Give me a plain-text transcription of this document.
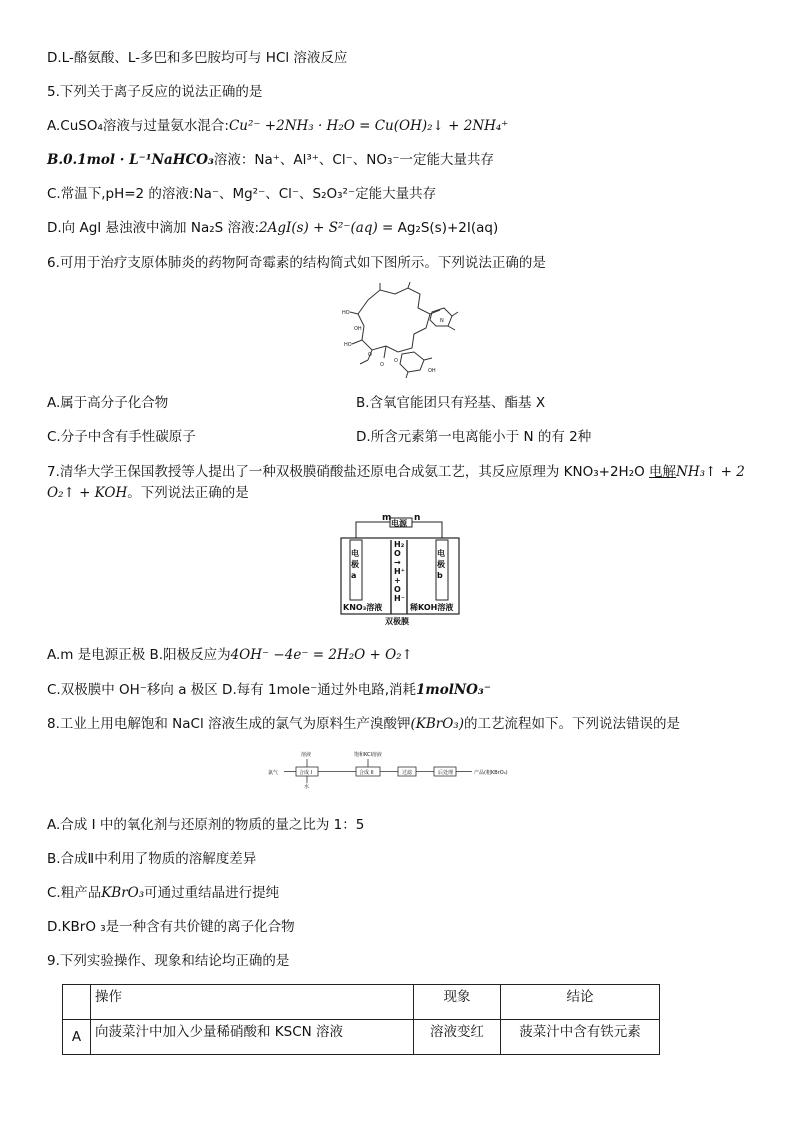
D.L-酪氨酸、L-多巴和多巴胺均可与 HCl 溶液反应
5.下列关于离子反应的说法正确的是
A.CuSO₄溶液与过量氨水混合:Cu²⁻ +2NH₃ · H₂O = Cu(OH)₂↓ + 2NH₄⁺
B.0.1mol · L⁻¹NaHCO₃溶液：Na⁺、Al³⁺、Cl⁻、NO₃⁻一定能大量共存
C.常温下,pH=2 的溶液:Na⁻、Mg²⁻、Cl⁻、S₂O₃²⁻定能大量共存
D.向 AgI 悬浊液中滴加 Na₂S 溶液:2AgI(s) + S²⁻(aq) = Ag₂S(s)+2I(aq)
6.可用于治疗支原体肺炎的药物阿奇霉素的结构简式如下图所示。下列说法正确的是
HO
HO
OH
O
O
N
OH
O
A.属于高分子化合物	B.含氧官能团只有羟基、酯基 X
C.分子中含有手性碳原子	D.所含元素第一电离能小于 N 的有 2种
7.清华大学王保国教授等人提出了一种双极膜硝酸盐还原电合成氨工艺，其反应原理为 KNO₃+2H₂O 电解NH₃↑ + 2
O₂↑ + KOH。下列说法正确的是
m
电源
n
电极a
电极b
H₂O→H⁺+OH⁻
KNO₃溶液	稀KOH溶液
双极膜
A.m 是电源正极 B.阳极反应为4OH⁻ −4e⁻ = 2H₂O + O₂↑
C.双极膜中 OH⁻移向 a 极区 D.每有 1mole⁻通过外电路,消耗1molNO₃⁻
8.工业上用电解饱和 NaCl 溶液生成的氯气为原料生产溴酸钾(KBrO₃)的工艺流程如下。下列说法错误的是
氯气
溶液
水
饱和KCl溶液
合成 I	合成 II	过滤	后处理	产品(粗KBrO₃)
A.合成 I 中的氧化剂与还原剂的物质的量之比为 1：5
B.合成Ⅱ中利用了物质的溶解度差异
C.粗产品KBrO₃可通过重结晶进行提纯
D.KBrO ₃是一种含有共价键的离子化合物
9.下列实验操作、现象和结论均正确的是
	操作	现象	结论
A	向菠菜汁中加入少量稀硝酸和 KSCN 溶液	溶液变红	菠菜汁中含有铁元素
